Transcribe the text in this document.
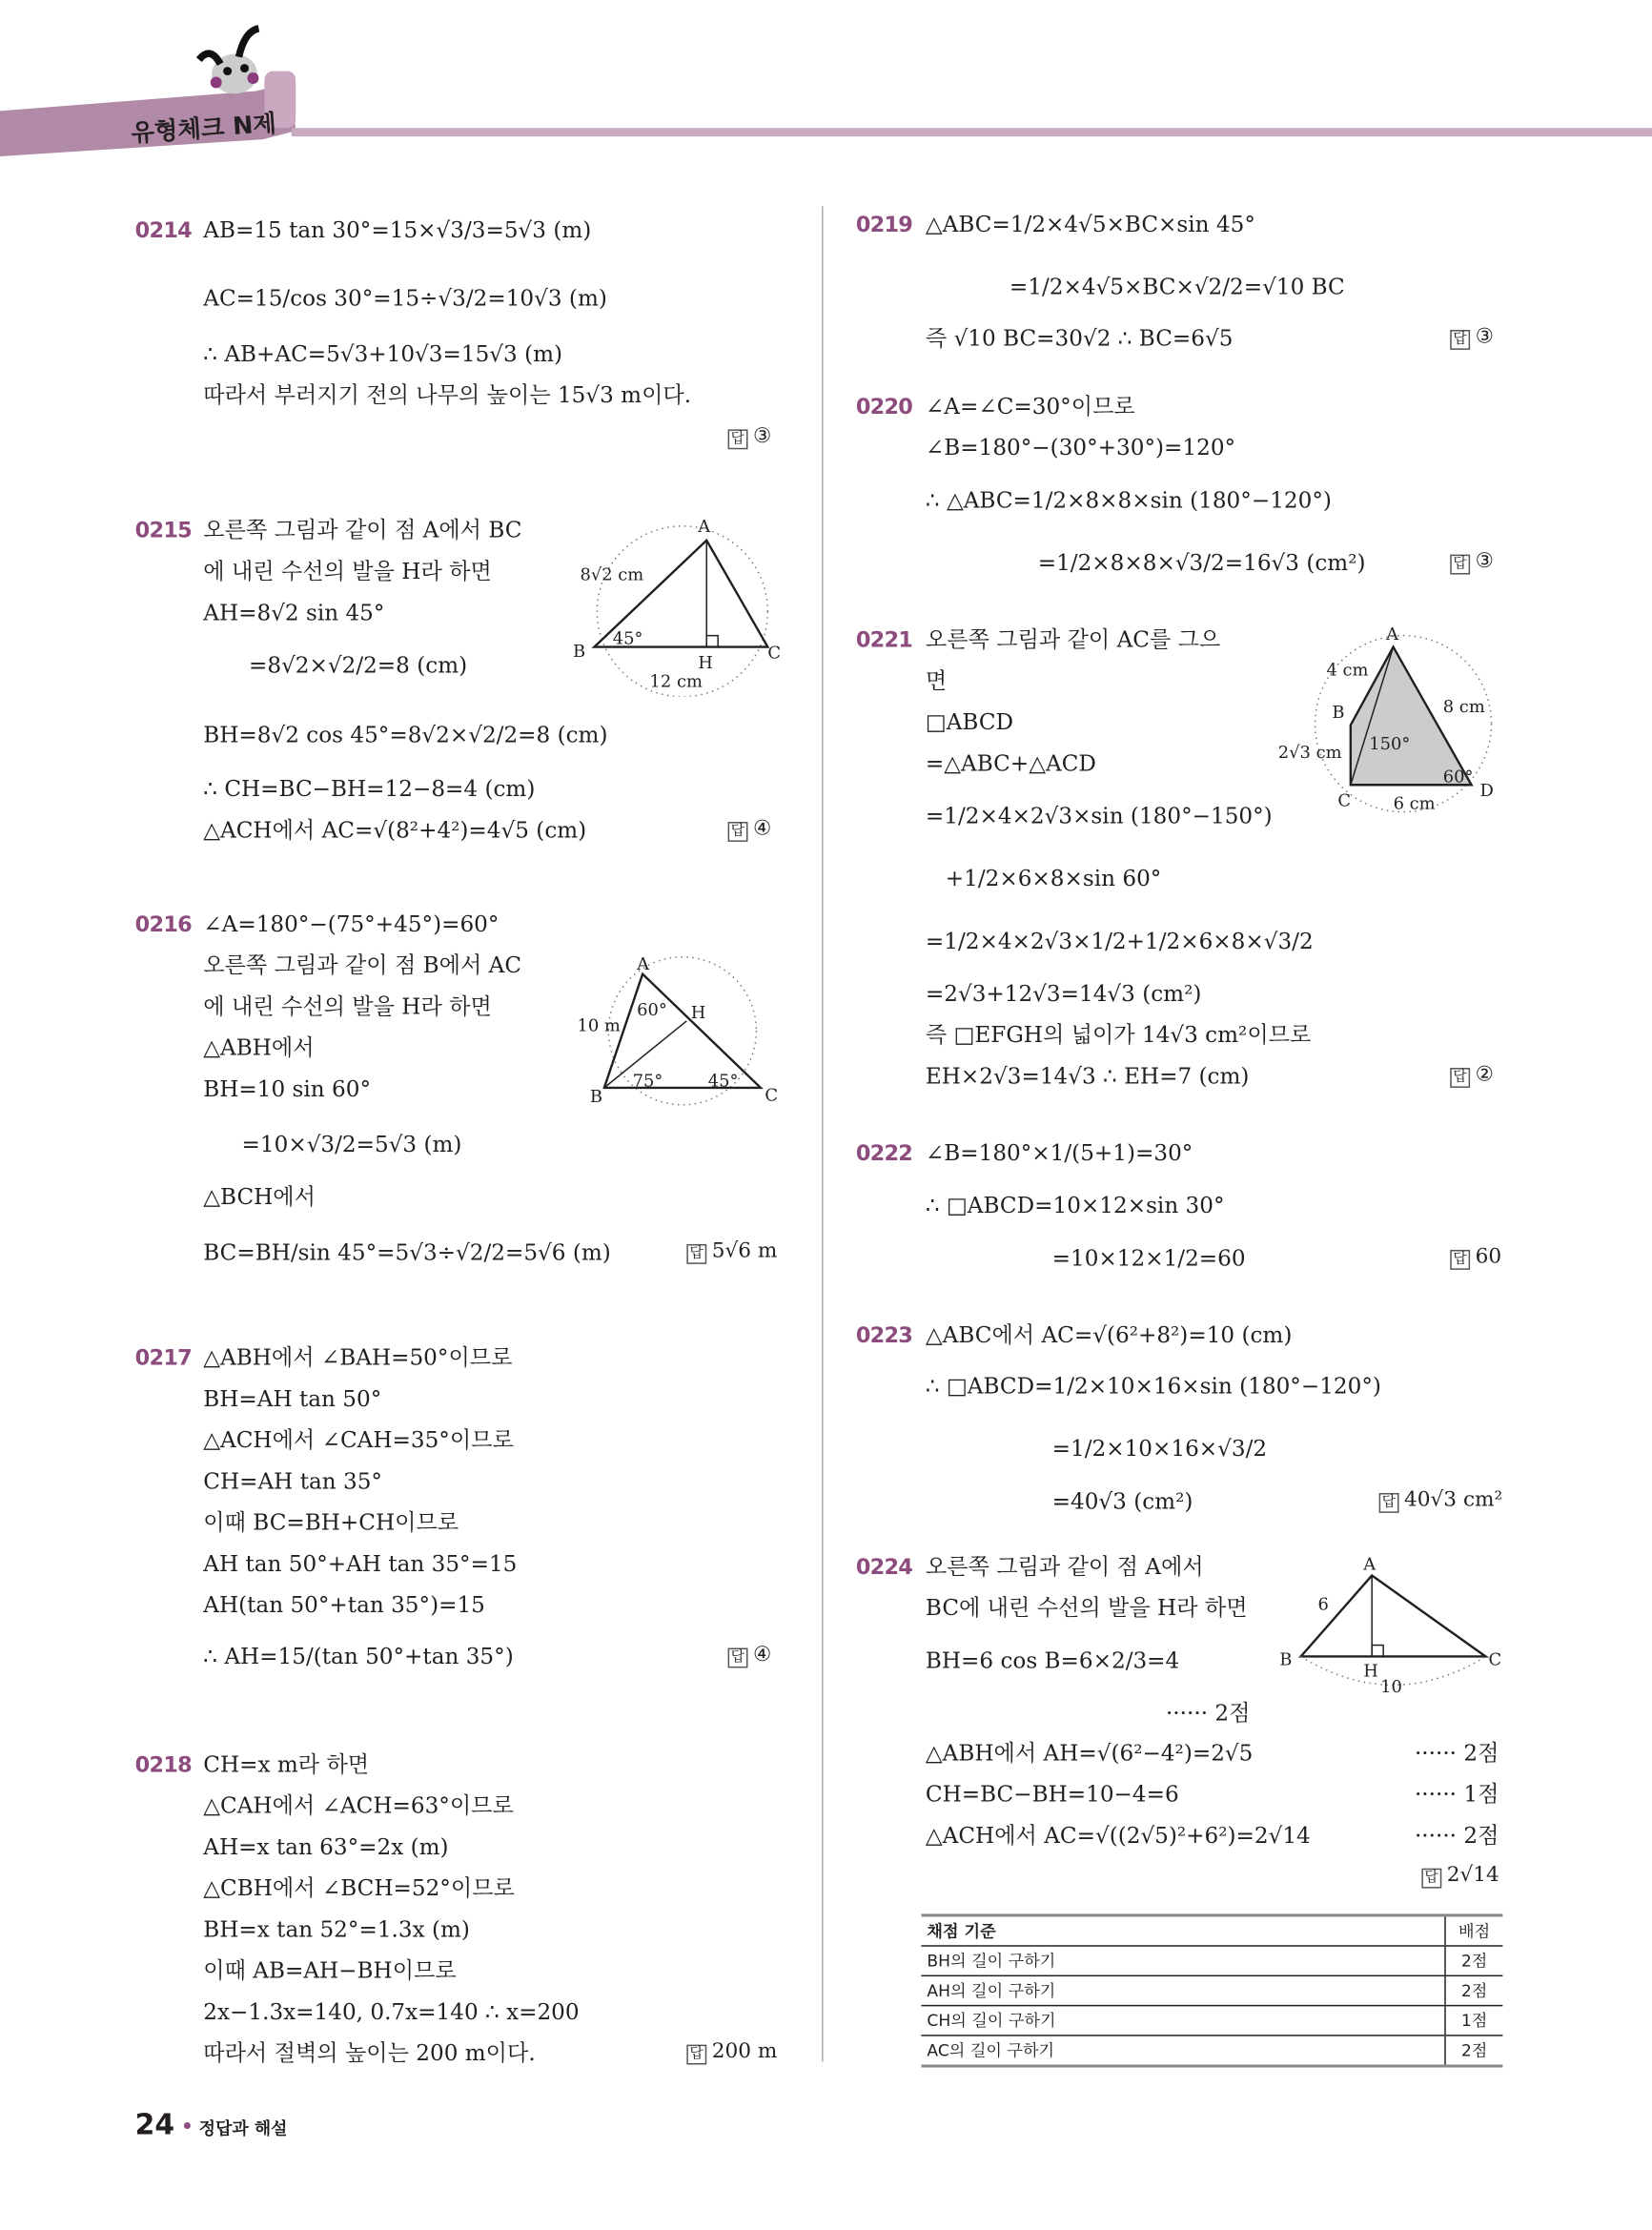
유형체크 N제
A
B	C
H
8√2 cm
45°
12 cm
A
B	C
H
10 m
60°
75°	45°
A
B
C	D
4 cm
8 cm
2√3 cm
6 cm
150°
60°
A
B	C
H
6
10
채점 기준	배점
BH의 길이 구하기	2점
AH의 길이 구하기	2점
CH의 길이 구하기	1점
AC의 길이 구하기	2점
24 • 정답과 해설
0214 AB=15 tan 30°=15×√3/3=5√3 (m)
AC=15/cos 30°=15÷√3/2=10√3 (m)
∴ AB+AC=5√3+10√3=15√3 (m)
따라서 부러지기 전의 나무의 높이는 15√3 m이다.
답 ③
0215 오른쪽 그림과 같이 점 A에서 BC
에 내린 수선의 발을 H라 하면
AH=8√2 sin 45°
=8√2×√2/2=8 (cm)
BH=8√2 cos 45°=8√2×√2/2=8 (cm)
∴ CH=BC−BH=12−8=4 (cm)
△ACH에서 AC=√(8²+4²)=4√5 (cm)	답 ④
0216 ∠A=180°−(75°+45°)=60°
오른쪽 그림과 같이 점 B에서 AC
에 내린 수선의 발을 H라 하면
△ABH에서
BH=10 sin 60°
=10×√3/2=5√3 (m)
△BCH에서
BC=BH/sin 45°=5√3÷√2/2=5√6 (m)	답 5√6 m
0217 △ABH에서 ∠BAH=50°이므로
BH=AH tan 50°
△ACH에서 ∠CAH=35°이므로
CH=AH tan 35°
이때 BC=BH+CH이므로
AH tan 50°+AH tan 35°=15
AH(tan 50°+tan 35°)=15
∴ AH=15/(tan 50°+tan 35°)	답 ④
0218 CH=x m라 하면
△CAH에서 ∠ACH=63°이므로
AH=x tan 63°=2x (m)
△CBH에서 ∠BCH=52°이므로
BH=x tan 52°=1.3x (m)
이때 AB=AH−BH이므로
2x−1.3x=140, 0.7x=140 ∴ x=200
따라서 절벽의 높이는 200 m이다.	답 200 m
0219 △ABC=1/2×4√5×BC×sin 45°
=1/2×4√5×BC×√2/2=√10 BC
즉 √10 BC=30√2 ∴ BC=6√5	답 ③
0220 ∠A=∠C=30°이므로
∠B=180°−(30°+30°)=120°
∴ △ABC=1/2×8×8×sin (180°−120°)
=1/2×8×8×√3/2=16√3 (cm²)	답 ③
0221 오른쪽 그림과 같이 AC를 그으
면
□ABCD
=△ABC+△ACD
=1/2×4×2√3×sin (180°−150°)
+1/2×6×8×sin 60°
=1/2×4×2√3×1/2+1/2×6×8×√3/2
=2√3+12√3=14√3 (cm²)
즉 □EFGH의 넓이가 14√3 cm²이므로
EH×2√3=14√3 ∴ EH=7 (cm)	답 ②
0222 ∠B=180°×1/(5+1)=30°
∴ □ABCD=10×12×sin 30°
=10×12×1/2=60	답 60
0223 △ABC에서 AC=√(6²+8²)=10 (cm)
∴ □ABCD=1/2×10×16×sin (180°−120°)
=1/2×10×16×√3/2
=40√3 (cm²)	답 40√3 cm²
0224 오른쪽 그림과 같이 점 A에서
BC에 내린 수선의 발을 H라 하면
BH=6 cos B=6×2/3=4
······ 2점
△ABH에서 AH=√(6²−4²)=2√5
CH=BC−BH=10−4=6
△ACH에서 AC=√((2√5)²+6²)=2√14
······ 2점
······ 1점
······ 2점
답 2√14
